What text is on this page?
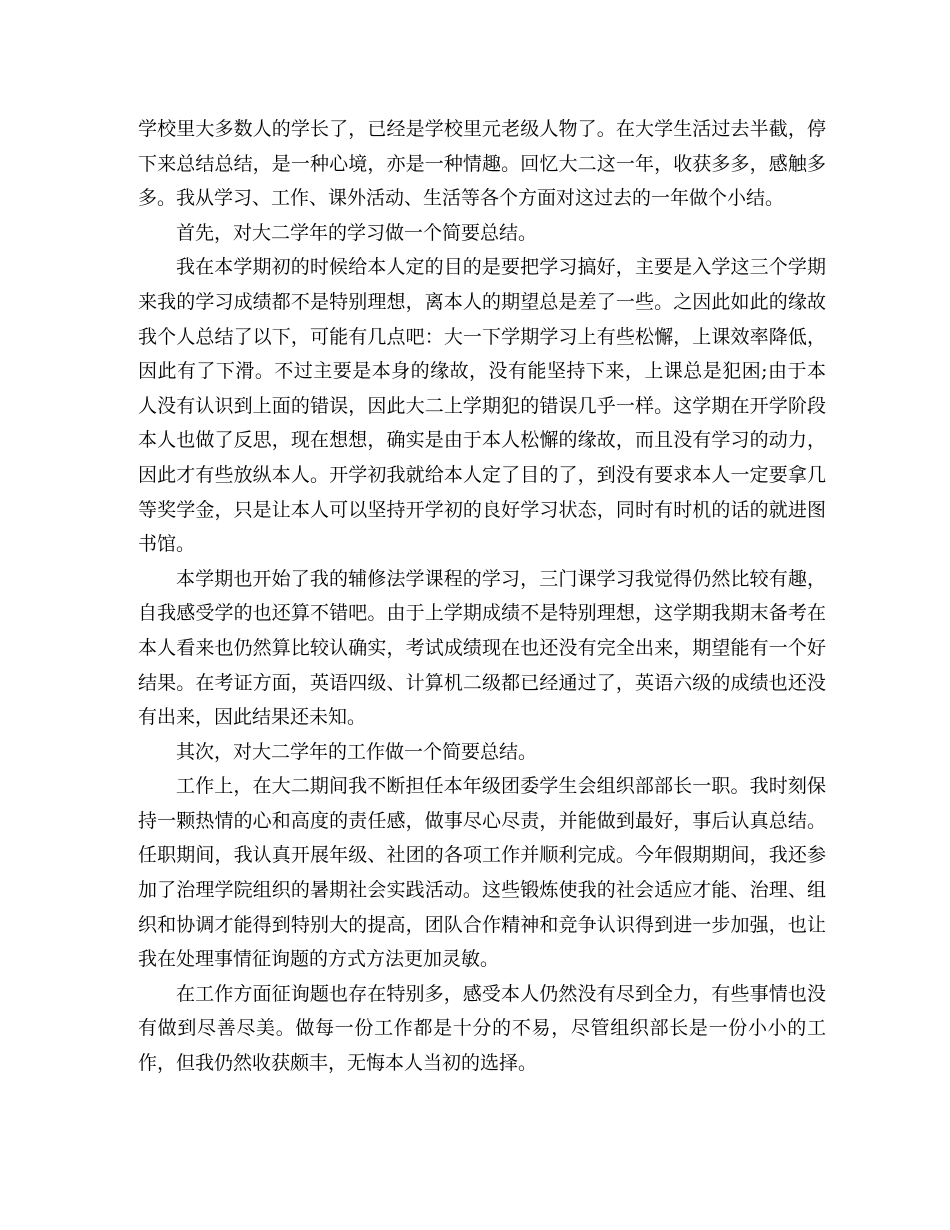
学校里大多数人的学长了，已经是学校里元老级人物了。在大学生活过去半截，停下来总结总结，是一种心境，亦是一种情趣。回忆大二这一年，收获多多，感触多多。我从学习、工作、课外活动、生活等各个方面对这过去的一年做个小结。

首先，对大二学年的学习做一个简要总结。

我在本学期初的时候给本人定的目的是要把学习搞好，主要是入学这三个学期来我的学习成绩都不是特别理想，离本人的期望总是差了一些。之因此如此的缘故我个人总结了以下，可能有几点吧：大一下学期学习上有些松懈，上课效率降低，因此有了下滑。不过主要是本身的缘故，没有能坚持下来，上课总是犯困;由于本人没有认识到上面的错误，因此大二上学期犯的错误几乎一样。这学期在开学阶段本人也做了反思，现在想想，确实是由于本人松懈的缘故，而且没有学习的动力，因此才有些放纵本人。开学初我就给本人定了目的了，到没有要求本人一定要拿几等奖学金，只是让本人可以坚持开学初的良好学习状态，同时有时机的话的就进图书馆。

本学期也开始了我的辅修法学课程的学习，三门课学习我觉得仍然比较有趣，自我感受学的也还算不错吧。由于上学期成绩不是特别理想，这学期我期末备考在本人看来也仍然算比较认确实，考试成绩现在也还没有完全出来，期望能有一个好结果。在考证方面，英语四级、计算机二级都已经通过了，英语六级的成绩也还没有出来，因此结果还未知。

其次，对大二学年的工作做一个简要总结。

工作上，在大二期间我不断担任本年级团委学生会组织部部长一职。我时刻保持一颗热情的心和高度的责任感，做事尽心尽责，并能做到最好，事后认真总结。任职期间，我认真开展年级、社团的各项工作并顺利完成。今年假期期间，我还参加了治理学院组织的暑期社会实践活动。这些锻炼使我的社会适应才能、治理、组织和协调才能得到特别大的提高，团队合作精神和竞争认识得到进一步加强，也让我在处理事情征询题的方式方法更加灵敏。

在工作方面征询题也存在特别多，感受本人仍然没有尽到全力，有些事情也没有做到尽善尽美。做每一份工作都是十分的不易，尽管组织部长是一份小小的工作，但我仍然收获颇丰，无悔本人当初的选择。
